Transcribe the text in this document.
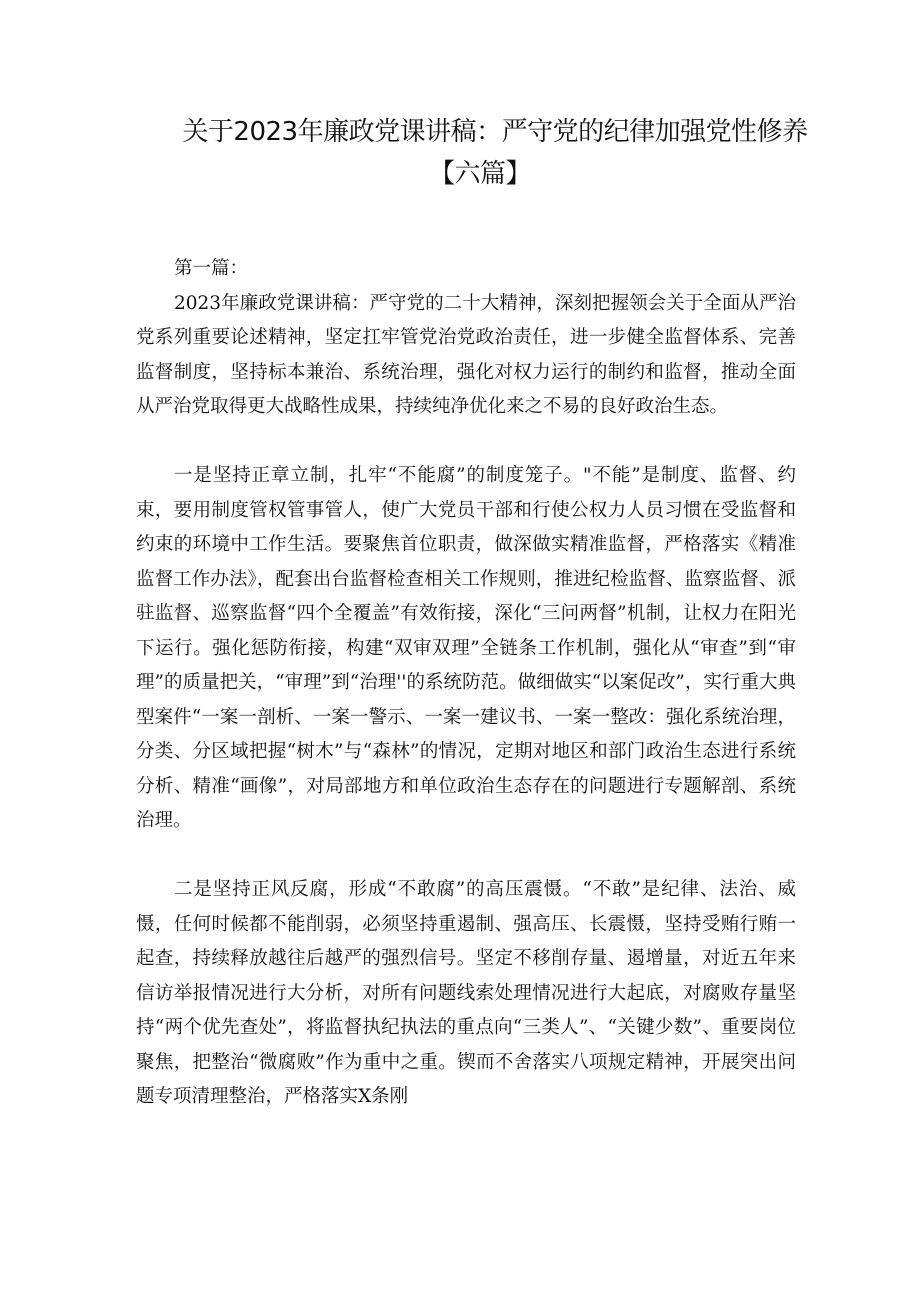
关于2023年廉政党课讲稿：严守党的纪律加强党性修养
【六篇】

第一篇：

2023年廉政党课讲稿：严守党的二十大精神，深刻把握领会关于全面从严治党系列重要论述精神，坚定扛牢管党治党政治责任，进一步健全监督体系、完善监督制度，坚持标本兼治、系统治理，强化对权力运行的制约和监督，推动全面从严治党取得更大战略性成果，持续纯净优化来之不易的良好政治生态。

一是坚持正章立制，扎牢“不能腐”的制度笼子。"不能”是制度、监督、约束，要用制度管权管事管人，使广大党员干部和行使公权力人员习惯在受监督和约束的环境中工作生活。要聚焦首位职责，做深做实精准监督，严格落实《精准监督工作办法》，配套出台监督检查相关工作规则，推进纪检监督、监察监督、派驻监督、巡察监督“四个全覆盖”有效衔接，深化“三问两督”机制，让权力在阳光下运行。强化惩防衔接，构建“双审双理”全链条工作机制，强化从“审查”到“审理”的质量把关，“审理”到“治理''的系统防范。做细做实“以案促改”，实行重大典型案件“一案一剖析、一案一警示、一案一建议书、一案一整改：强化系统治理，分类、分区域把握“树木”与“森林”的情况，定期对地区和部门政治生态进行系统分析、精准“画像”，对局部地方和单位政治生态存在的问题进行专题解剖、系统治理。

二是坚持正风反腐，形成“不敢腐”的高压震慑。“不敢”是纪律、法治、威慑，任何时候都不能削弱，必须坚持重遏制、强高压、长震慑，坚持受贿行贿一起查，持续释放越往后越严的强烈信号。坚定不移削存量、遏增量，对近五年来信访举报情况进行大分析，对所有问题线索处理情况进行大起底，对腐败存量坚持“两个优先查处”，将监督执纪执法的重点向“三类人”、“关键少数”、重要岗位聚焦，把整治“微腐败”作为重中之重。锲而不舍落实八项规定精神，开展突出问题专项清理整治，严格落实X条刚
